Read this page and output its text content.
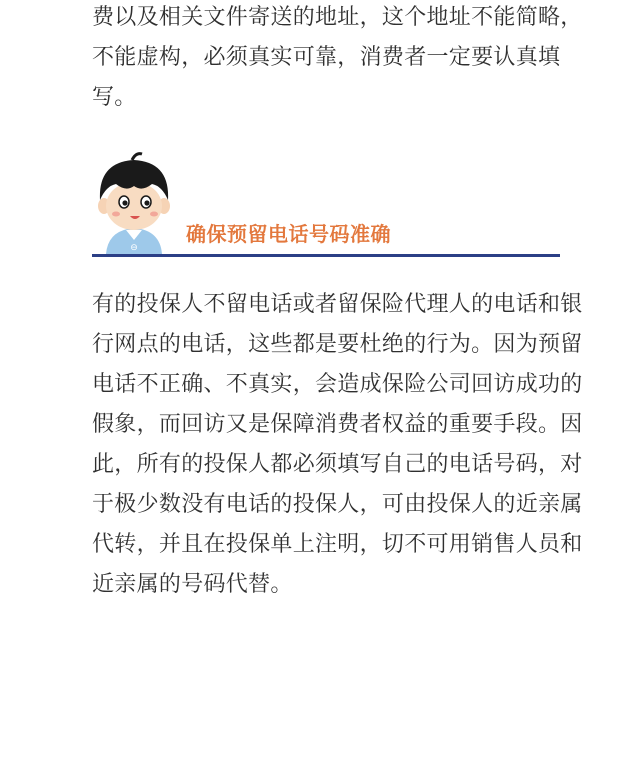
费以及相关文件寄送的地址，这个地址不能简略，
不能虚构，必须真实可靠，消费者一定要认真填
写。
⊖
确保预留电话号码准确
有的投保人不留电话或者留保险代理人的电话和银
行网点的电话，这些都是要杜绝的行为。因为预留
电话不正确、不真实，会造成保险公司回访成功的
假象，而回访又是保障消费者权益的重要手段。因
此，所有的投保人都必须填写自己的电话号码，对
于极少数没有电话的投保人，可由投保人的近亲属
代转，并且在投保单上注明，切不可用销售人员和
近亲属的号码代替。
